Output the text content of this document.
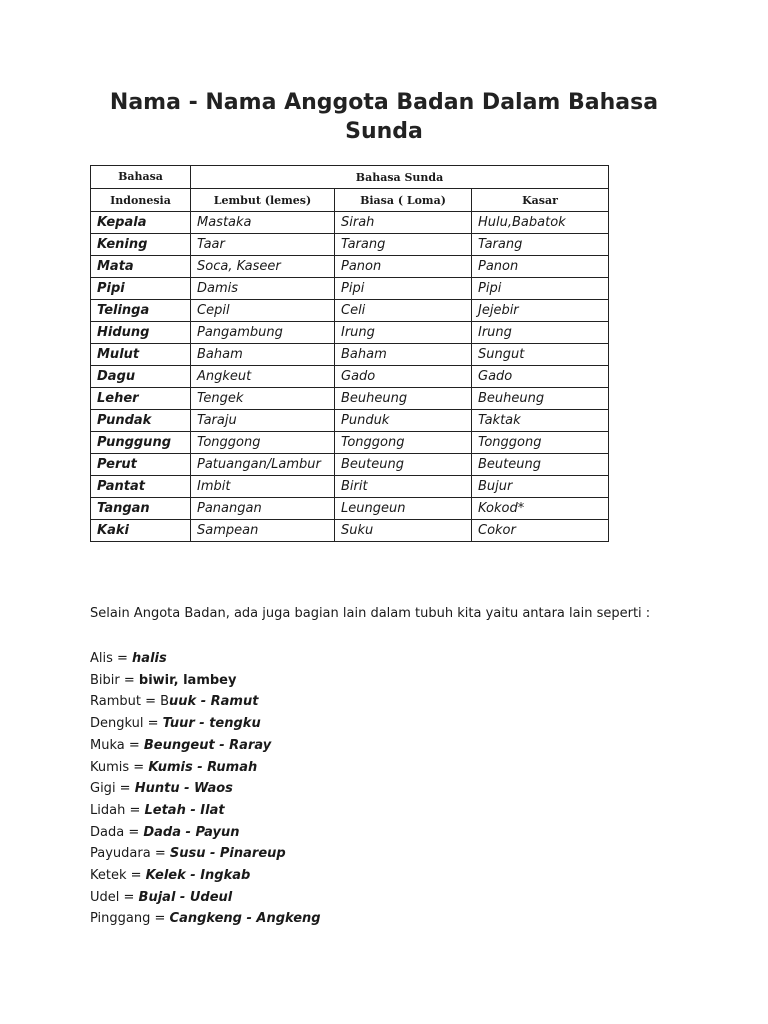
Nama - Nama Anggota Badan Dalam Bahasa Sunda
Bahasa	Bahasa Sunda		
Indonesia	Lembut (lemes)	Biasa ( Loma)	Kasar
Kepala	Mastaka	Sirah	Hulu,Babatok
Kening	Taar	Tarang	Tarang
Mata	Soca, Kaseer	Panon	Panon
Pipi	Damis	Pipi	Pipi
Telinga	Cepil	Celi	Jejebir
Hidung	Pangambung	Irung	Irung
Mulut	Baham	Baham	Sungut
Dagu	Angkeut	Gado	Gado
Leher	Tengek	Beuheung	Beuheung
Pundak	Taraju	Punduk	Taktak
Punggung	Tonggong	Tonggong	Tonggong
Perut	Patuangan/Lambur	Beuteung	Beuteung
Pantat	Imbit	Birit	Bujur
Tangan	Panangan	Leungeun	Kokod*
Kaki	Sampean	Suku	Cokor
Selain Angota Badan, ada juga bagian lain dalam tubuh kita yaitu antara lain seperti :
Alis = halis
Bibir = biwir, lambey
Rambut = Buuk - Ramut
Dengkul = Tuur - tengku
Muka = Beungeut - Raray
Kumis = Kumis - Rumah
Gigi = Huntu - Waos
Lidah = Letah - Ilat
Dada = Dada - Payun
Payudara = Susu - Pinareup
Ketek = Kelek - Ingkab
Udel = Bujal - Udeul
Pinggang = Cangkeng - Angkeng
